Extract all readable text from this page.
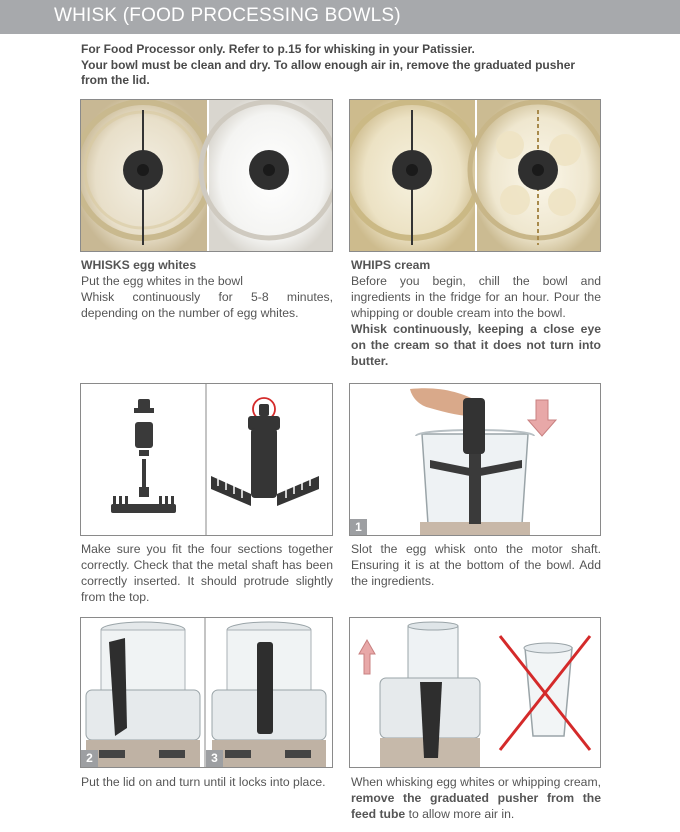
WHISK (FOOD PROCESSING BOWLS)
For Food Processor only. Refer to p.15 for whisking in your Patissier.
Your bowl must be clean and dry. To allow enough air in, remove the graduated pusher
from the lid.
WHISKS egg whites
Put the egg whites in the bowl
Whisk continuously for 5-8 minutes, depending on the number of egg whites.
WHIPS cream
Before you begin, chill the bowl and ingredients in the fridge for an hour. Pour the whipping or double cream into the bowl.
Whisk continuously, keeping a close eye on the cream so that it does not turn into butter.
1
Make sure you fit the four sections together correctly. Check that the metal shaft has been correctly inserted. It should protrude slightly from the top.
Slot the egg whisk onto the motor shaft. Ensuring it is at the bottom of the bowl. Add the ingredients.
2	3
Put the lid on and turn until it locks into place.	When whisking egg whites or whipping cream, remove the graduated pusher from the feed tube to allow more air in.
